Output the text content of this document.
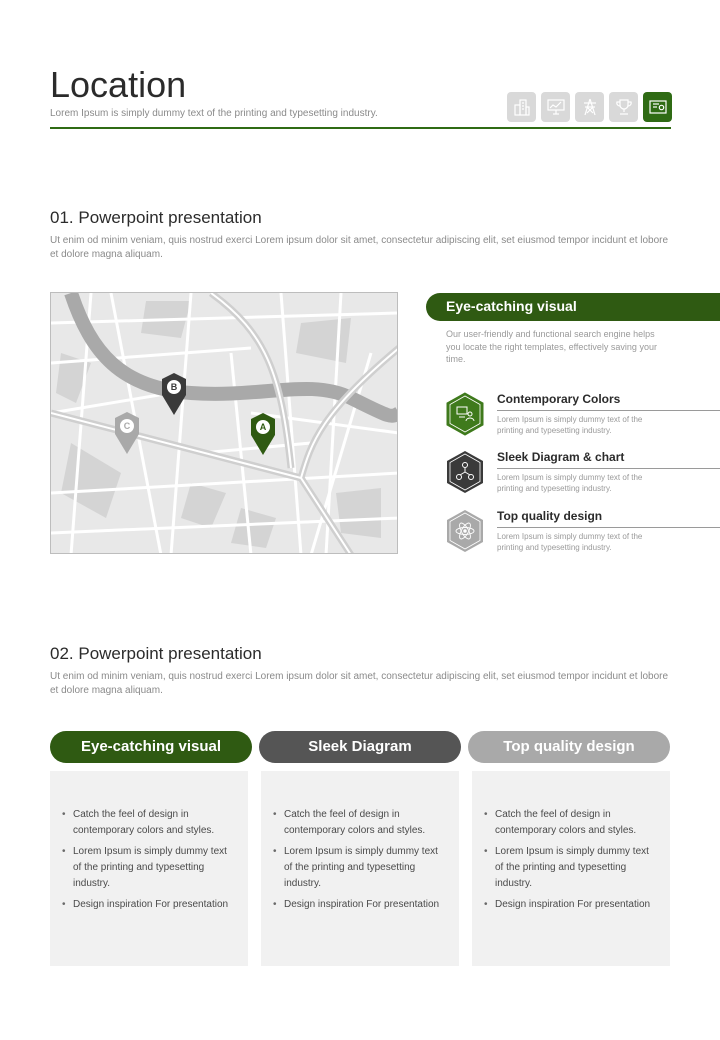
Location
Lorem Ipsum is simply dummy text of the printing and typesetting industry.
01. Powerpoint presentation
Ut enim od minim veniam, quis nostrud exerci Lorem ipsum dolor sit amet, consectetur adipiscing elit, set eiusmod tempor incidunt et lobore et dolore magna aliquam.
A
B
C
Eye-catching visual
Our user-friendly and functional search engine helps you locate the right templates, effectively saving your time.
Contemporary Colors
Lorem Ipsum is simply dummy text of the printing and typesetting industry.
Sleek Diagram & chart
Lorem Ipsum is simply dummy text of the printing and typesetting industry.
Top quality design
Lorem Ipsum is simply dummy text of the printing and typesetting industry.
02. Powerpoint presentation
Ut enim od minim veniam, quis nostrud exerci Lorem ipsum dolor sit amet, consectetur adipiscing elit, set eiusmod tempor incidunt et lobore et dolore magna aliquam.
Eye-catching visual	Sleek Diagram	Top quality design
• Catch the feel of design in contemporary colors and styles.
• Lorem Ipsum is simply dummy text of the printing and typesetting industry.
• Design inspiration For presentation
• Catch the feel of design in contemporary colors and styles.
• Lorem Ipsum is simply dummy text of the printing and typesetting industry.
• Design inspiration For presentation
• Catch the feel of design in contemporary colors and styles.
• Lorem Ipsum is simply dummy text of the printing and typesetting industry.
• Design inspiration For presentation
